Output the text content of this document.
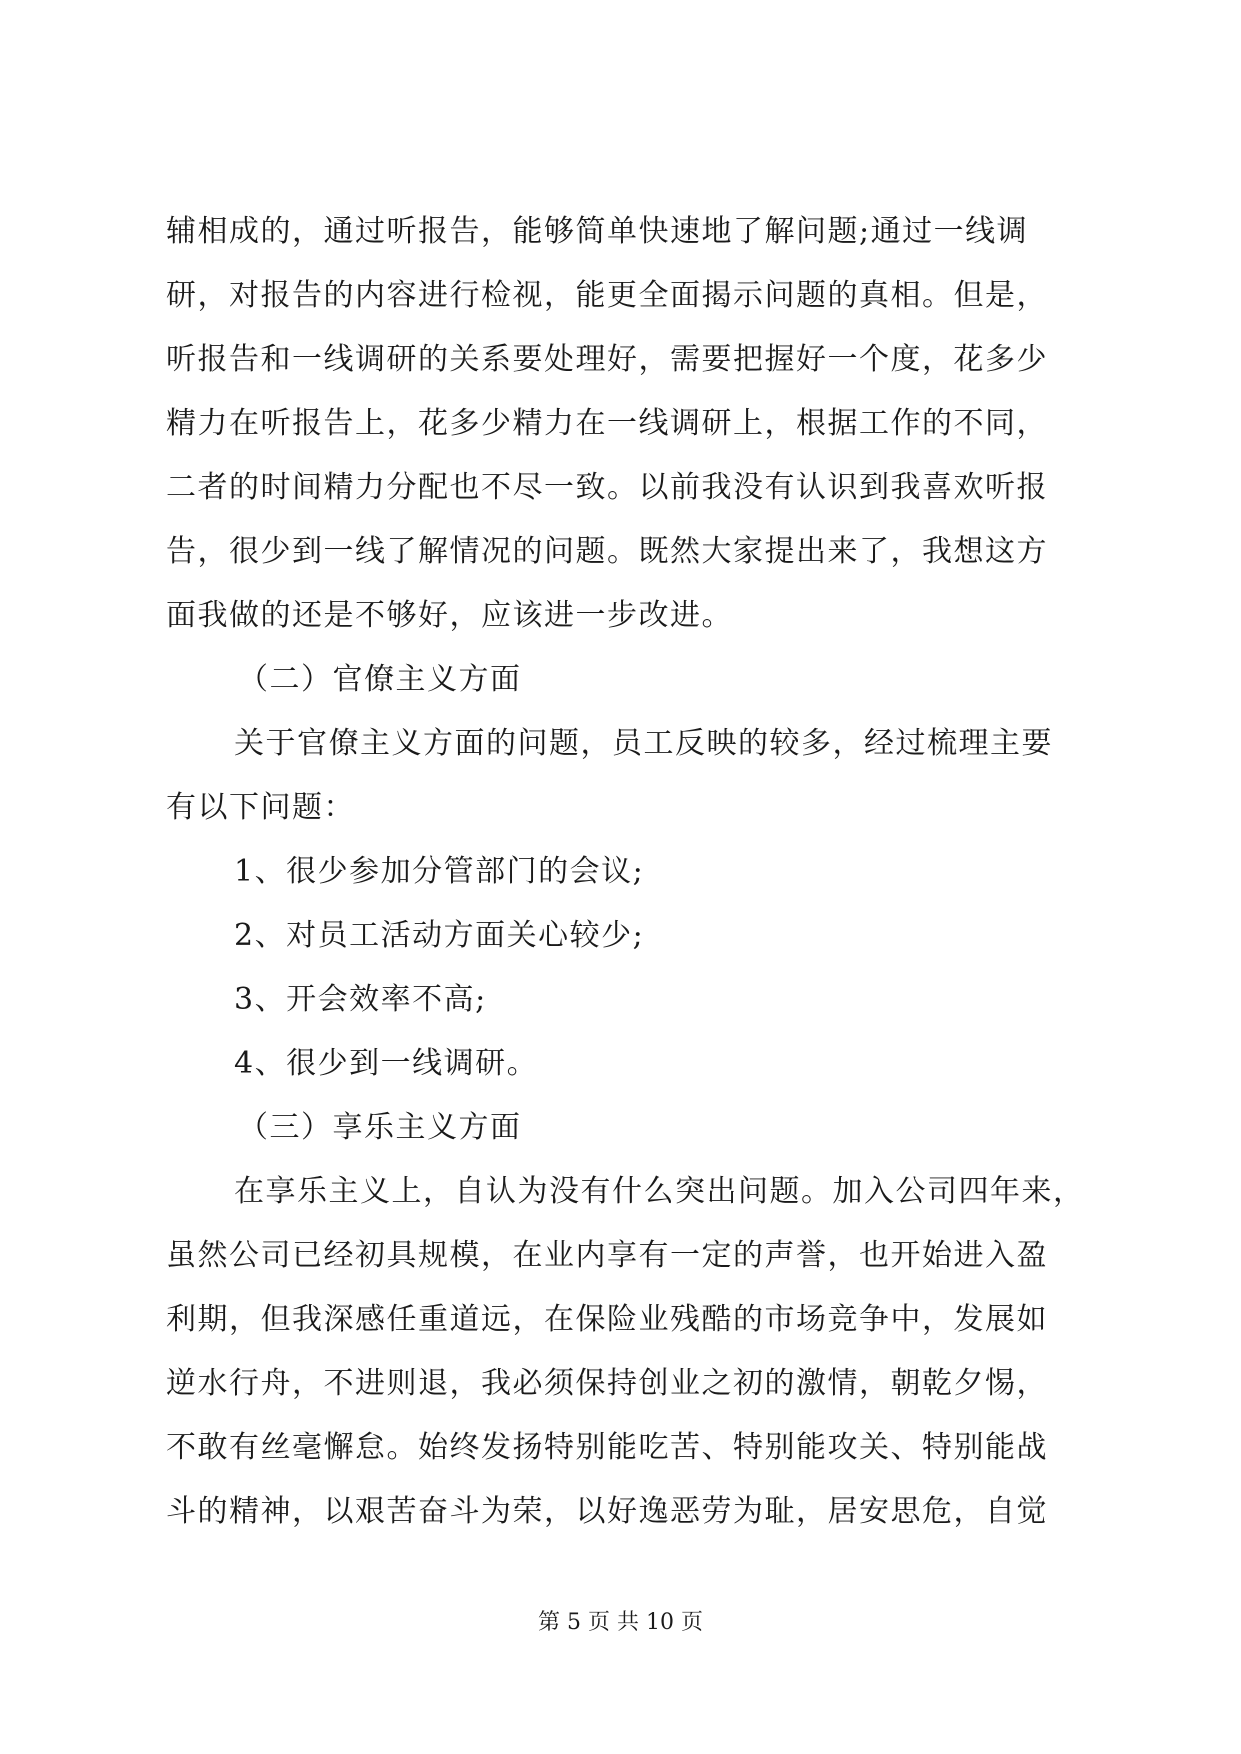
辅相成的，通过听报告，能够简单快速地了解问题;通过一线调
研，对报告的内容进行检视，能更全面揭示问题的真相。但是，
听报告和一线调研的关系要处理好，需要把握好一个度，花多少
精力在听报告上，花多少精力在一线调研上，根据工作的不同，
二者的时间精力分配也不尽一致。以前我没有认识到我喜欢听报
告，很少到一线了解情况的问题。既然大家提出来了，我想这方
面我做的还是不够好，应该进一步改进。
（二）官僚主义方面
关于官僚主义方面的问题，员工反映的较多，经过梳理主要
有以下问题：
1、很少参加分管部门的会议;
2、对员工活动方面关心较少;
3、开会效率不高;
4、很少到一线调研。
（三）享乐主义方面
在享乐主义上，自认为没有什么突出问题。加入公司四年来，
虽然公司已经初具规模，在业内享有一定的声誉，也开始进入盈
利期，但我深感任重道远，在保险业残酷的市场竞争中，发展如
逆水行舟，不进则退，我必须保持创业之初的激情，朝乾夕惕，
不敢有丝毫懈怠。始终发扬特别能吃苦、特别能攻关、特别能战
斗的精神，以艰苦奋斗为荣，以好逸恶劳为耻，居安思危，自觉
第 5 页 共 10 页
